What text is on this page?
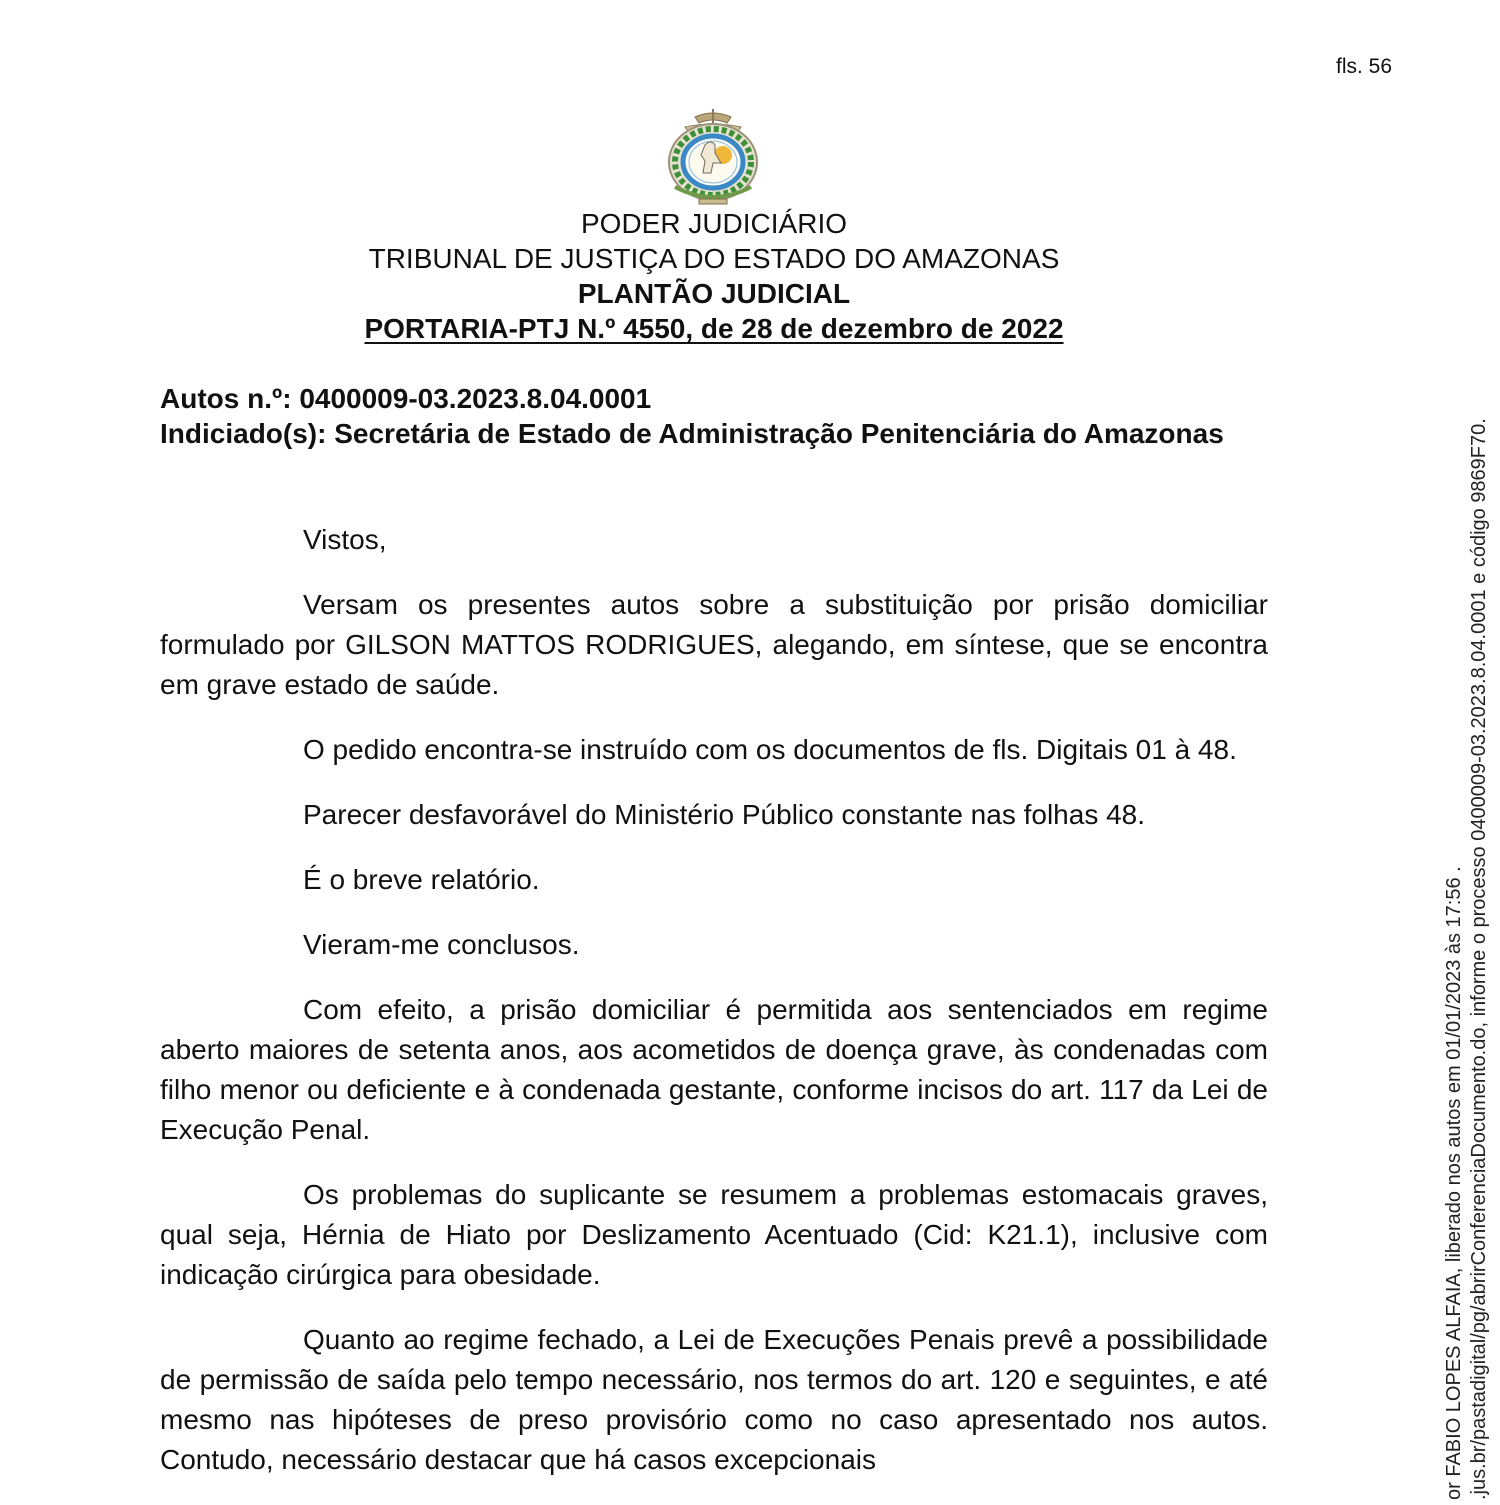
fls. 56
PODER JUDICIÁRIO
TRIBUNAL DE JUSTIÇA DO ESTADO DO AMAZONAS
PLANTÃO JUDICIAL
PORTARIA-PTJ N.º 4550, de 28 de dezembro de 2022
Autos n.º: 0400009-03.2023.8.04.0001
Indiciado(s): Secretária de Estado de Administração Penitenciária do Amazonas

Vistos,

Versam os presentes autos sobre a substituição por prisão domiciliar formulado por GILSON MATTOS RODRIGUES, alegando, em síntese, que se encontra em grave estado de saúde.

O pedido encontra-se instruído com os documentos de fls. Digitais 01 à 48.

Parecer desfavorável do Ministério Público constante nas folhas 48.

É o breve relatório.

Vieram-me conclusos.

Com efeito, a prisão domiciliar é permitida aos sentenciados em regime aberto maiores de setenta anos, aos acometidos de doença grave, às condenadas com filho menor ou deficiente e à condenada gestante, conforme incisos do art. 117 da Lei de Execução Penal.

Os problemas do suplicante se resumem a problemas estomacais graves, qual seja, Hérnia de Hiato por Deslizamento Acentuado (Cid: K21.1), inclusive com indicação cirúrgica para obesidade.

Quanto ao regime fechado, a Lei de Execuções Penais prevê a possibilidade de permissão de saída pelo tempo necessário, nos termos do art. 120 e seguintes, e até mesmo nas hipóteses de preso provisório como no caso apresentado nos autos. Contudo, necessário destacar que há casos excepcionais	or FABIO LOPES ALFAIA, liberado nos autos em 01/01/2023 às 17:56 . .jus.br/pastadigital/pg/abrirConferenciaDocumento.do, informe o processo 0400009-03.2023.8.04.0001 e código 9869F70.
